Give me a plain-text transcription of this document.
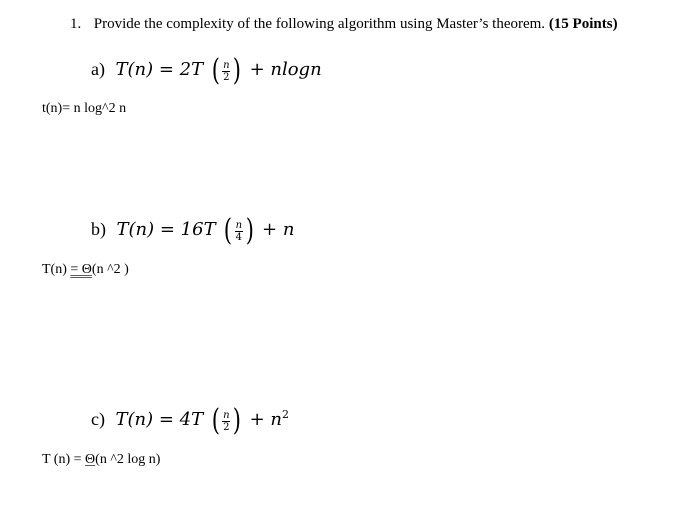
1. Provide the complexity of the following algorithm using Master’s theorem. (15 Points)
a) T(n) = 2T ( $\frac{n}{2}$ ) + nlogn
t(n)= n log^2 n
b) T(n) = 16T ( $\frac{n}{4}$ ) + n
T(n) = Θ(n ^2 )
c) T(n) = 4T ( $\frac{n}{2}$ ) + $n^2$
T (n) = Θ(n ^2 log n)
